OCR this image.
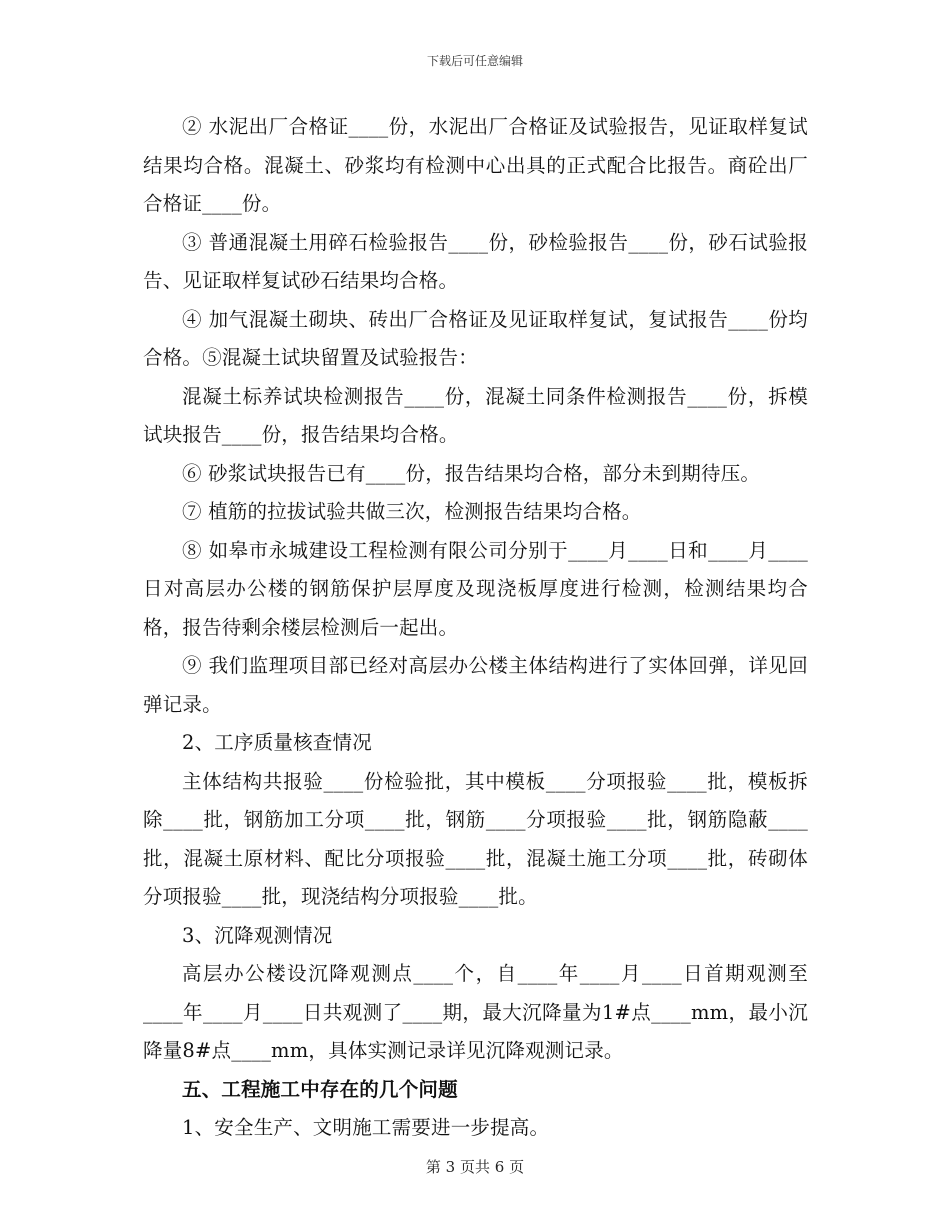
下载后可任意编辑

② 水泥出厂合格证____份，水泥出厂合格证及试验报告，见证取样复试结果均合格。混凝土、砂浆均有检测中心出具的正式配合比报告。商砼出厂合格证____份。

③ 普通混凝土用碎石检验报告____份，砂检验报告____份，砂石试验报告、见证取样复试砂石结果均合格。

④ 加气混凝土砌块、砖出厂合格证及见证取样复试，复试报告____份均合格。⑤混凝土试块留置及试验报告：

混凝土标养试块检测报告____份，混凝土同条件检测报告____份，拆模试块报告____份，报告结果均合格。

⑥ 砂浆试块报告已有____份，报告结果均合格，部分未到期待压。

⑦ 植筋的拉拔试验共做三次，检测报告结果均合格。

⑧ 如皋市永城建设工程检测有限公司分别于____月____日和____月____日对高层办公楼的钢筋保护层厚度及现浇板厚度进行检测，检测结果均合格，报告待剩余楼层检测后一起出。

⑨ 我们监理项目部已经对高层办公楼主体结构进行了实体回弹，详见回弹记录。

2、工序质量核查情况

主体结构共报验____份检验批，其中模板____分项报验____批，模板拆除____批，钢筋加工分项____批，钢筋____分项报验____批，钢筋隐蔽____批，混凝土原材料、配比分项报验____批，混凝土施工分项____批，砖砌体分项报验____批，现浇结构分项报验____批。

3、沉降观测情况

高层办公楼设沉降观测点____个，自____年____月____日首期观测至____年____月____日共观测了____期，最大沉降量为1#点____mm，最小沉降量8#点____mm，具体实测记录详见沉降观测记录。

五、工程施工中存在的几个问题

1、安全生产、文明施工需要进一步提高。

第 3 页共 6 页
